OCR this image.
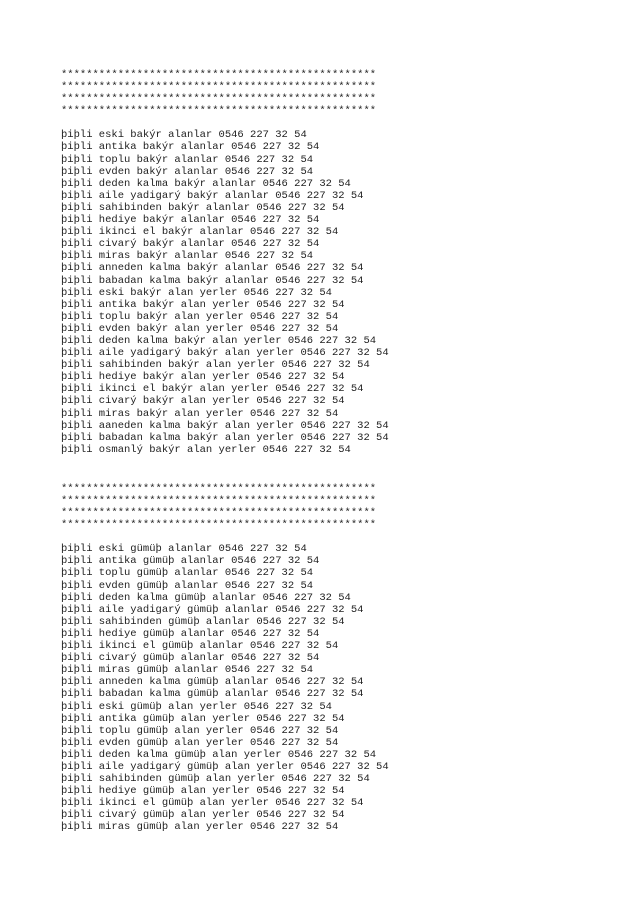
**************************************************

**************************************************

**************************************************

**************************************************

þiþli eski bakýr alanlar 0546 227 32 54

þiþli antika bakýr alanlar 0546 227 32 54

þiþli toplu bakýr alanlar 0546 227 32 54

þiþli evden bakýr alanlar 0546 227 32 54

þiþli deden kalma bakýr alanlar 0546 227 32 54

þiþli aile yadigarý bakýr alanlar 0546 227 32 54

þiþli sahibinden bakýr alanlar 0546 227 32 54

þiþli hediye bakýr alanlar 0546 227 32 54

þiþli ikinci el bakýr alanlar 0546 227 32 54

þiþli civarý bakýr alanlar 0546 227 32 54

þiþli miras bakýr alanlar 0546 227 32 54

þiþli anneden kalma bakýr alanlar 0546 227 32 54

þiþli babadan kalma bakýr alanlar 0546 227 32 54

þiþli eski bakýr alan yerler 0546 227 32 54

þiþli antika bakýr alan yerler 0546 227 32 54

þiþli toplu bakýr alan yerler 0546 227 32 54

þiþli evden bakýr alan yerler 0546 227 32 54

þiþli deden kalma bakýr alan yerler 0546 227 32 54

þiþli aile yadigarý bakýr alan yerler 0546 227 32 54

þiþli sahibinden bakýr alan yerler 0546 227 32 54

þiþli hediye bakýr alan yerler 0546 227 32 54

þiþli ikinci el bakýr alan yerler 0546 227 32 54

þiþli civarý bakýr alan yerler 0546 227 32 54

þiþli miras bakýr alan yerler 0546 227 32 54

þiþli aaneden kalma bakýr alan yerler 0546 227 32 54

þiþli babadan kalma bakýr alan yerler 0546 227 32 54

þiþli osmanlý bakýr alan yerler 0546 227 32 54

**************************************************

**************************************************

**************************************************

**************************************************

þiþli eski gümüþ alanlar 0546 227 32 54

þiþli antika gümüþ alanlar 0546 227 32 54

þiþli toplu gümüþ alanlar 0546 227 32 54

þiþli evden gümüþ alanlar 0546 227 32 54

þiþli deden kalma gümüþ alanlar 0546 227 32 54

þiþli aile yadigarý gümüþ alanlar 0546 227 32 54

þiþli sahibinden gümüþ alanlar 0546 227 32 54

þiþli hediye gümüþ alanlar 0546 227 32 54

þiþli ikinci el gümüþ alanlar 0546 227 32 54

þiþli civarý gümüþ alanlar 0546 227 32 54

þiþli miras gümüþ alanlar 0546 227 32 54

þiþli anneden kalma gümüþ alanlar 0546 227 32 54

þiþli babadan kalma gümüþ alanlar 0546 227 32 54

þiþli eski gümüþ alan yerler 0546 227 32 54

þiþli antika gümüþ alan yerler 0546 227 32 54

þiþli toplu gümüþ alan yerler 0546 227 32 54

þiþli evden gümüþ alan yerler 0546 227 32 54

þiþli deden kalma gümüþ alan yerler 0546 227 32 54

þiþli aile yadigarý gümüþ alan yerler 0546 227 32 54

þiþli sahibinden gümüþ alan yerler 0546 227 32 54

þiþli hediye gümüþ alan yerler 0546 227 32 54

þiþli ikinci el gümüþ alan yerler 0546 227 32 54

þiþli civarý gümüþ alan yerler 0546 227 32 54

þiþli miras gümüþ alan yerler 0546 227 32 54
